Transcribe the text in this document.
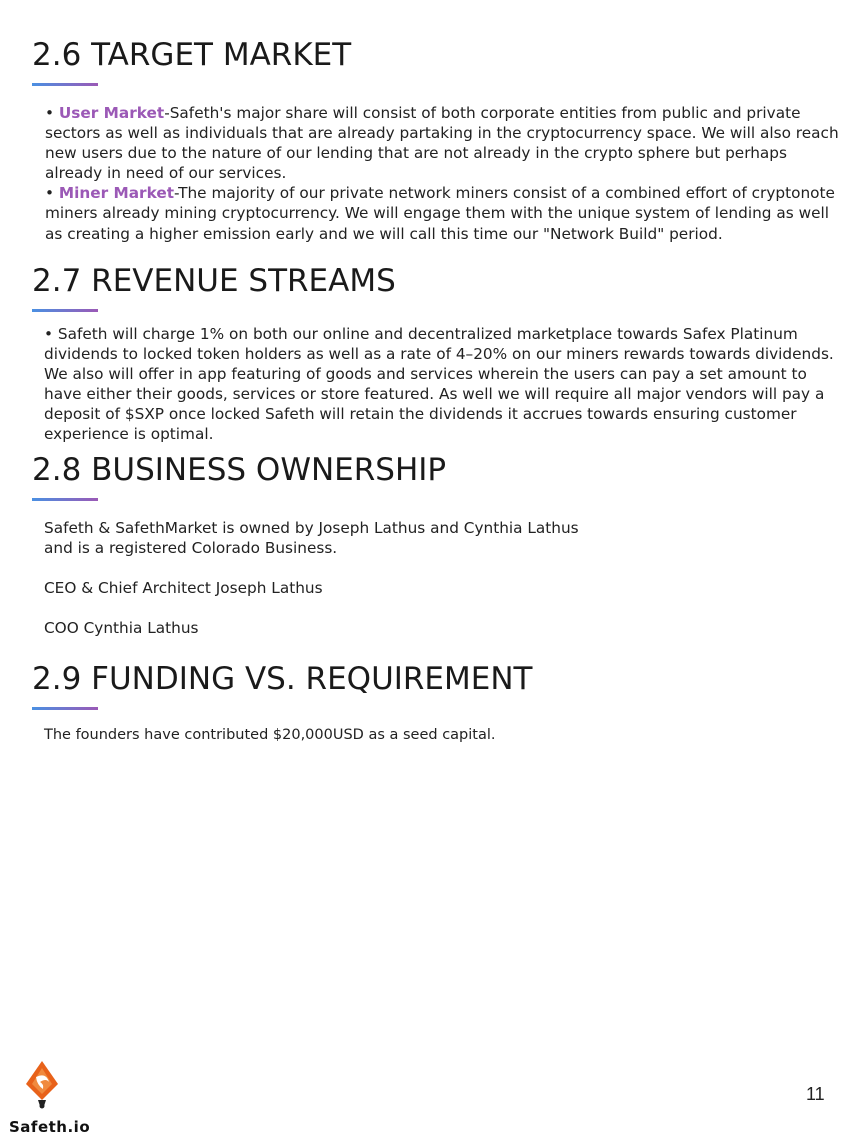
2.6 TARGET MARKET

• User Market-Safeth's major share will consist of both corporate entities from public and private sectors as well as individuals that are already partaking in the cryptocurrency space. We will also reach new users due to the nature of our lending that are not already in the crypto sphere but perhaps already in need of our services.

• Miner Market-The majority of our private network miners consist of a combined effort of cryptonote miners already mining cryptocurrency. We will engage them with the unique system of lending as well as creating a higher emission early and we will call this time our "Network Build" period.

2.7 REVENUE STREAMS

• Safeth will charge 1% on both our online and decentralized marketplace towards Safex Platinum dividends to locked token holders as well as a rate of 4–20% on our miners rewards towards dividends. We also will offer in app featuring of goods and services wherein the users can pay a set amount to have either their goods, services or store featured. As well we will require all major vendors will pay a deposit of $SXP once locked Safeth will retain the dividends it accrues towards ensuring customer experience is optimal.

2.8 BUSINESS OWNERSHIP

Safeth & SafethMarket is owned by Joseph Lathus and Cynthia Lathus

and is a registered Colorado Business.

CEO & Chief Architect Joseph Lathus

COO Cynthia Lathus

2.9 FUNDING VS. REQUIREMENT

The founders have contributed $20,000USD as a seed capital.

Safeth.io
11
